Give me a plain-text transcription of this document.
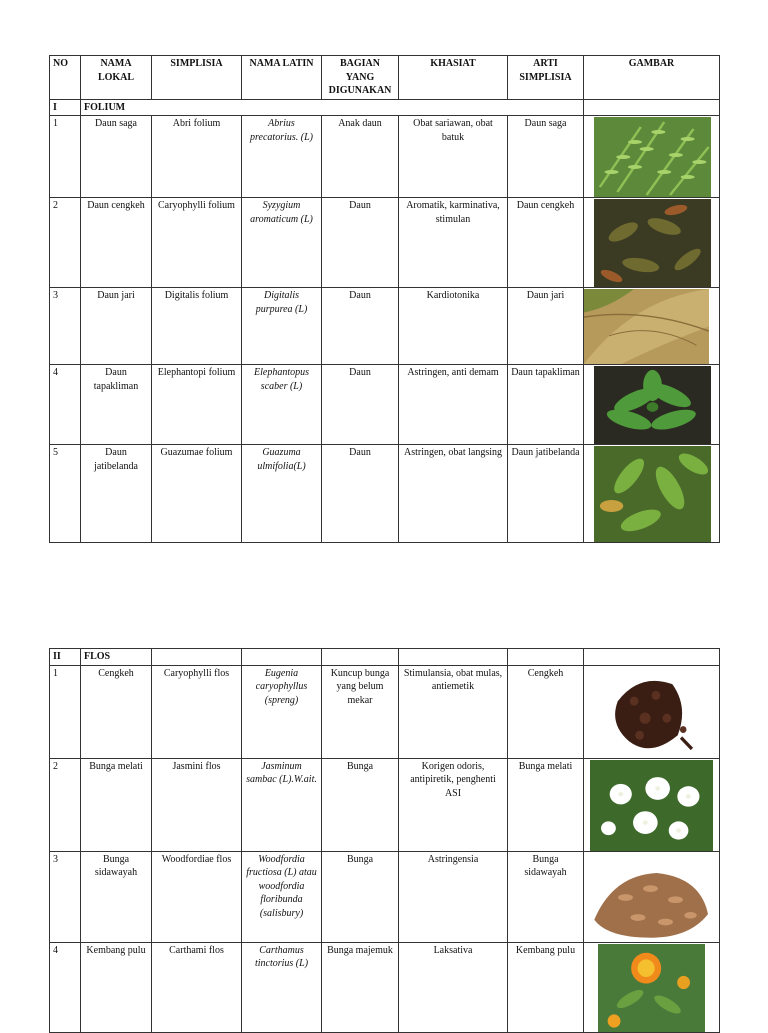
NO	NAMA LOKAL	SIMPLISIA	NAMA LATIN	BAGIAN YANG DIGUNAKAN	KHASIAT	ARTI SIMPLISIA	GAMBAR
I	FOLIUM						
1	Daun saga	Abri folium	Abrius precatorius. (L)	Anak daun	Obat sariawan, obat batuk	Daun saga	

2	Daun cengkeh	Caryophylli folium	Syzygium aromaticum (L)	Daun	Aromatik, karminativa, stimulan	Daun cengkeh	

3	Daun jari	Digitalis folium	Digitalis purpurea (L)	Daun	Kardiotonika	Daun jari	

4	Daun tapakliman	Elephantopi folium	Elephantopus scaber (L)	Daun	Astringen, anti demam	Daun tapakliman	

5	Daun jatibelanda	Guazumae folium	Guazuma ulmifolia(L)	Daun	Astringen, obat langsing	Daun jatibelanda	
II	FLOS						
1	Cengkeh	Caryophylli flos	Eugenia caryophyllus (spreng)	Kuncup bunga yang belum mekar	Stimulansia, obat mulas, antiemetik	Cengkeh	

2	Bunga melati	Jasmini flos	Jasminum sambac (L).W.ait.	Bunga	Korigen odoris, antipiretik, penghenti ASI	Bunga melati	

3	Bunga sidawayah	Woodfordiae flos	Woodfordia fructiosa (L) atau woodfordia floribunda (salisbury)	Bunga	Astringensia	Bunga sidawayah	

4	Kembang pulu	Carthami flos	Carthamus tinctorius (L)	Bunga majemuk	Laksativa	Kembang pulu	
